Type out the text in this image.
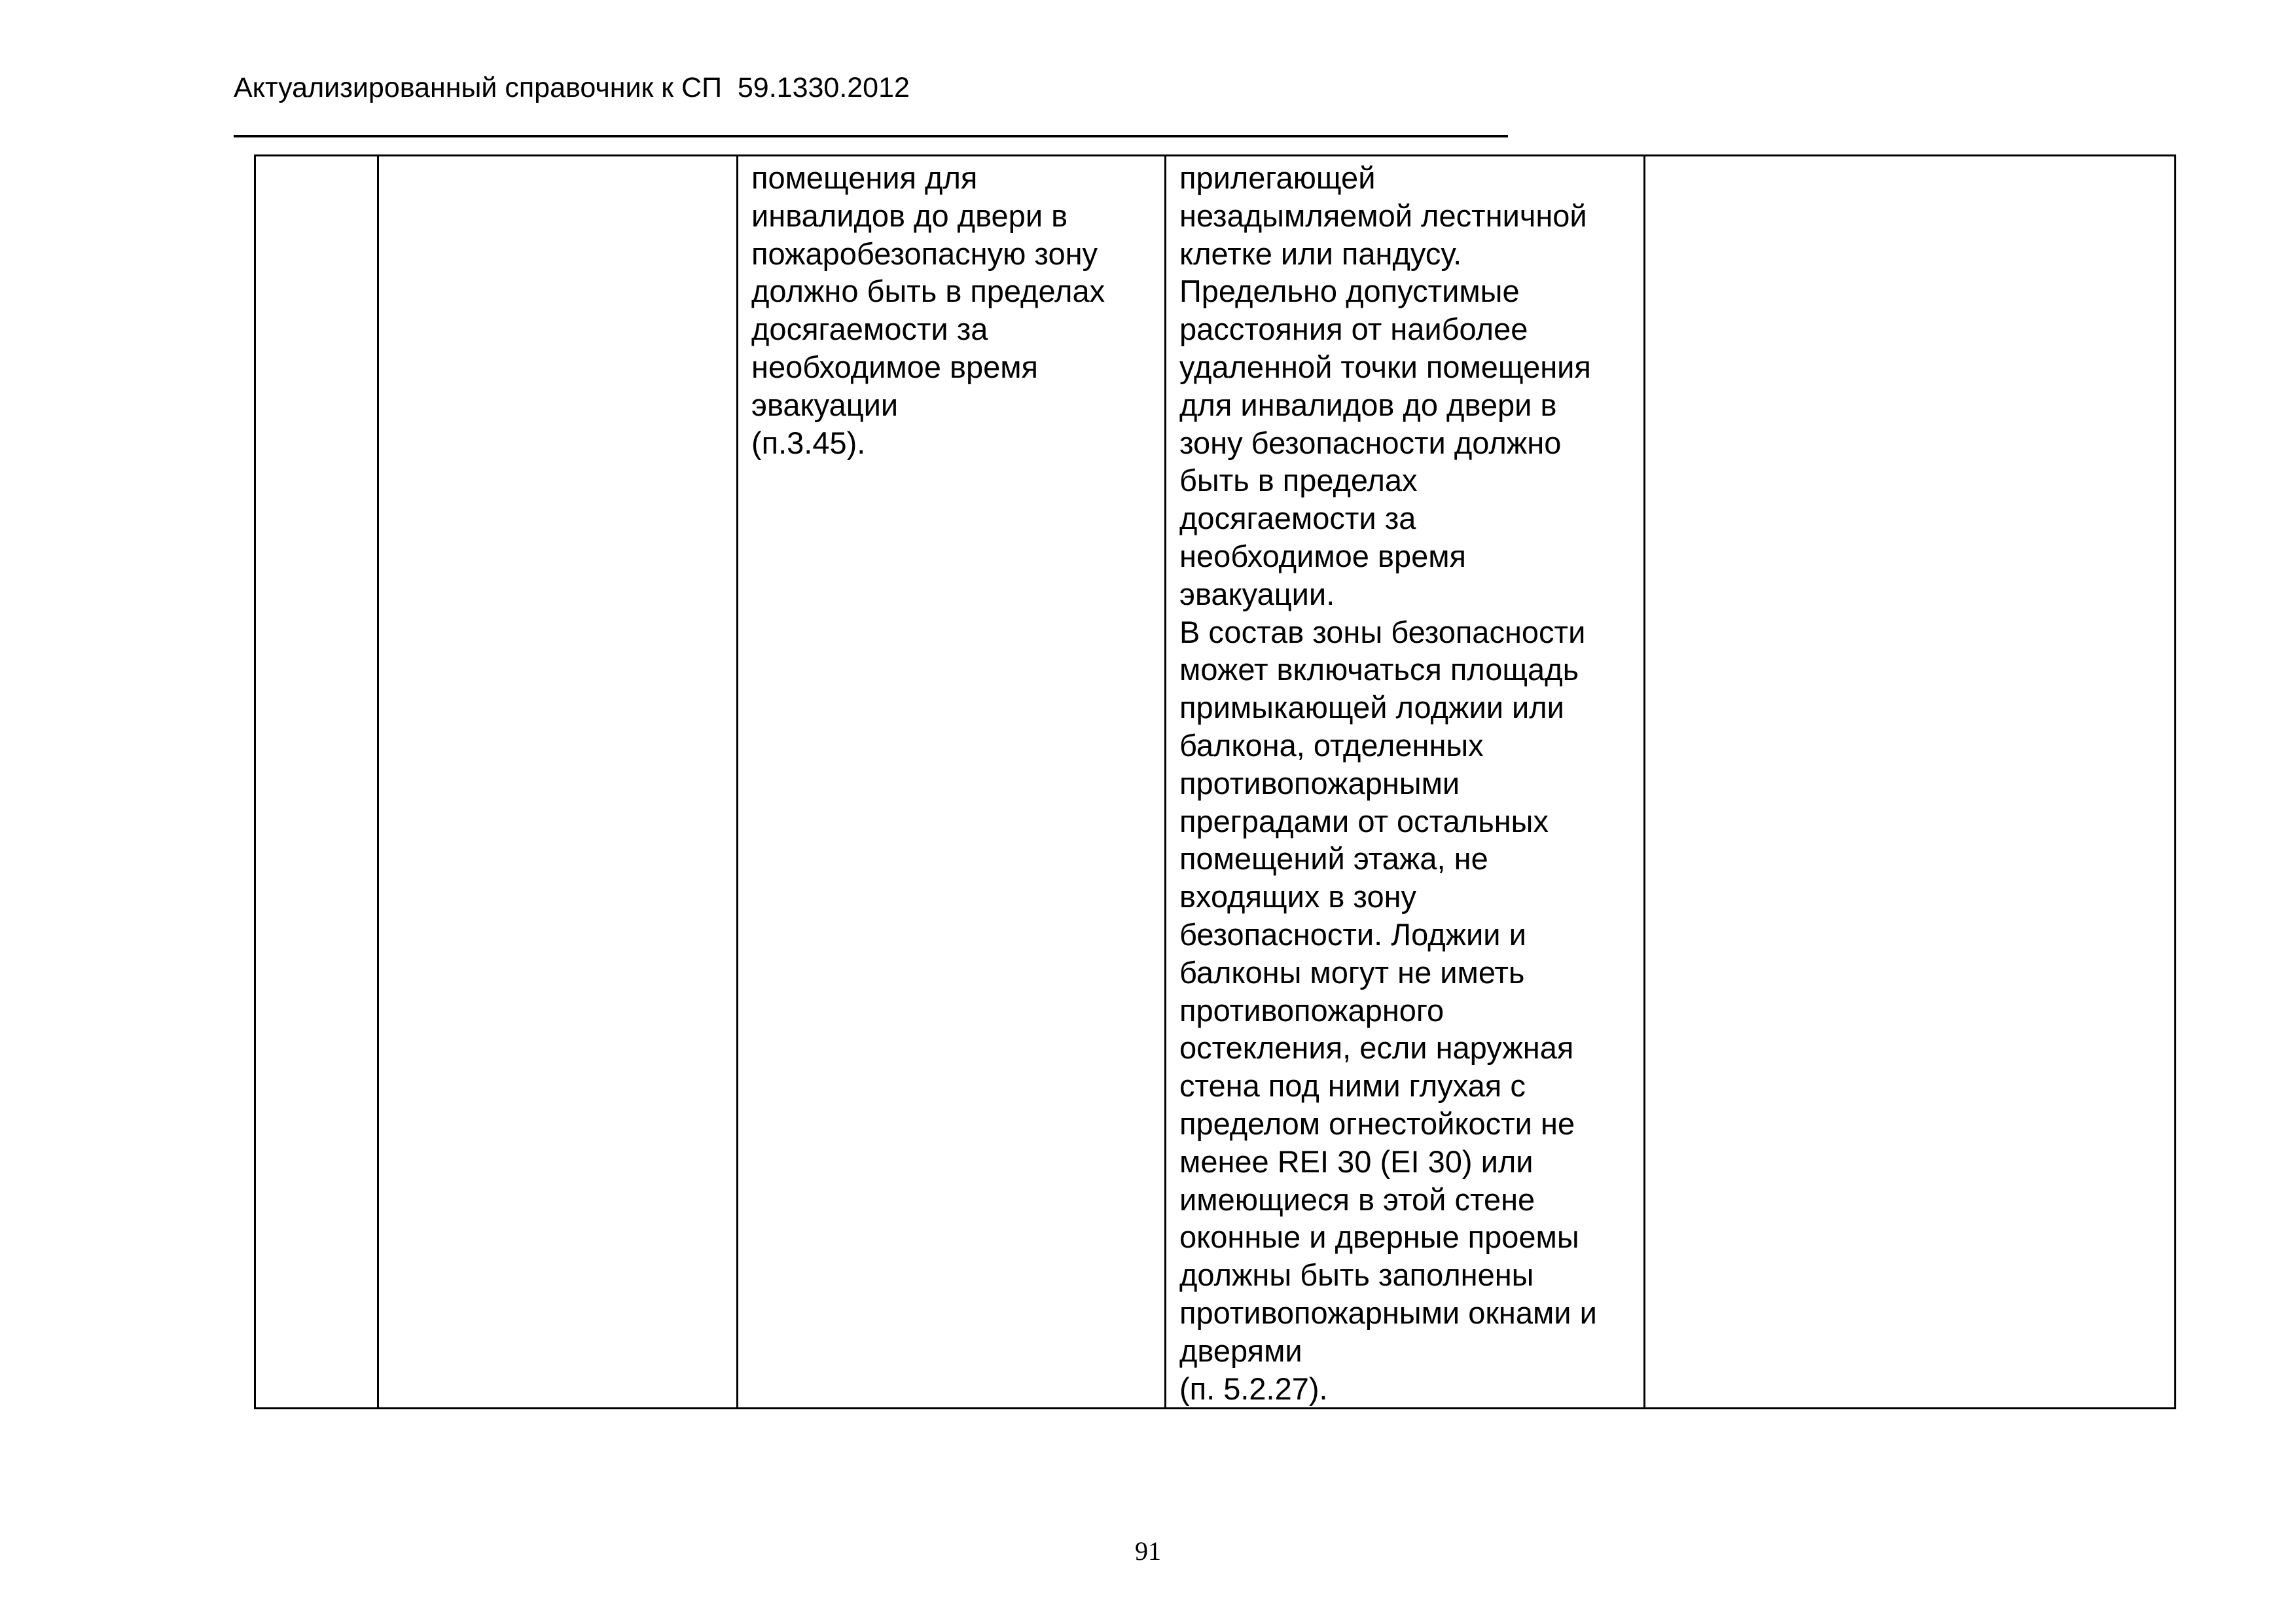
Актуализированный справочник к СП  59.1330.2012

помещения для
инвалидов до двери в
пожаробезопасную зону
должно быть в пределах
досягаемости за
необходимое время
эвакуации
(п.3.45).

прилегающей
незадымляемой лестничной
клетке или пандусу.
Предельно допустимые
расстояния от наиболее
удаленной точки помещения
для инвалидов до двери в
зону безопасности должно
быть в пределах
досягаемости за
необходимое время
эвакуации.
В состав зоны безопасности
может включаться площадь
примыкающей лоджии или
балкона, отделенных
противопожарными
преградами от остальных
помещений этажа, не
входящих в зону
безопасности. Лоджии и
балконы могут не иметь
противопожарного
остекления, если наружная
стена под ними глухая с
пределом огнестойкости не
менее REI 30 (EI 30) или
имеющиеся в этой стене
оконные и дверные проемы
должны быть заполнены
противопожарными окнами и
дверями
(п. 5.2.27).

91
